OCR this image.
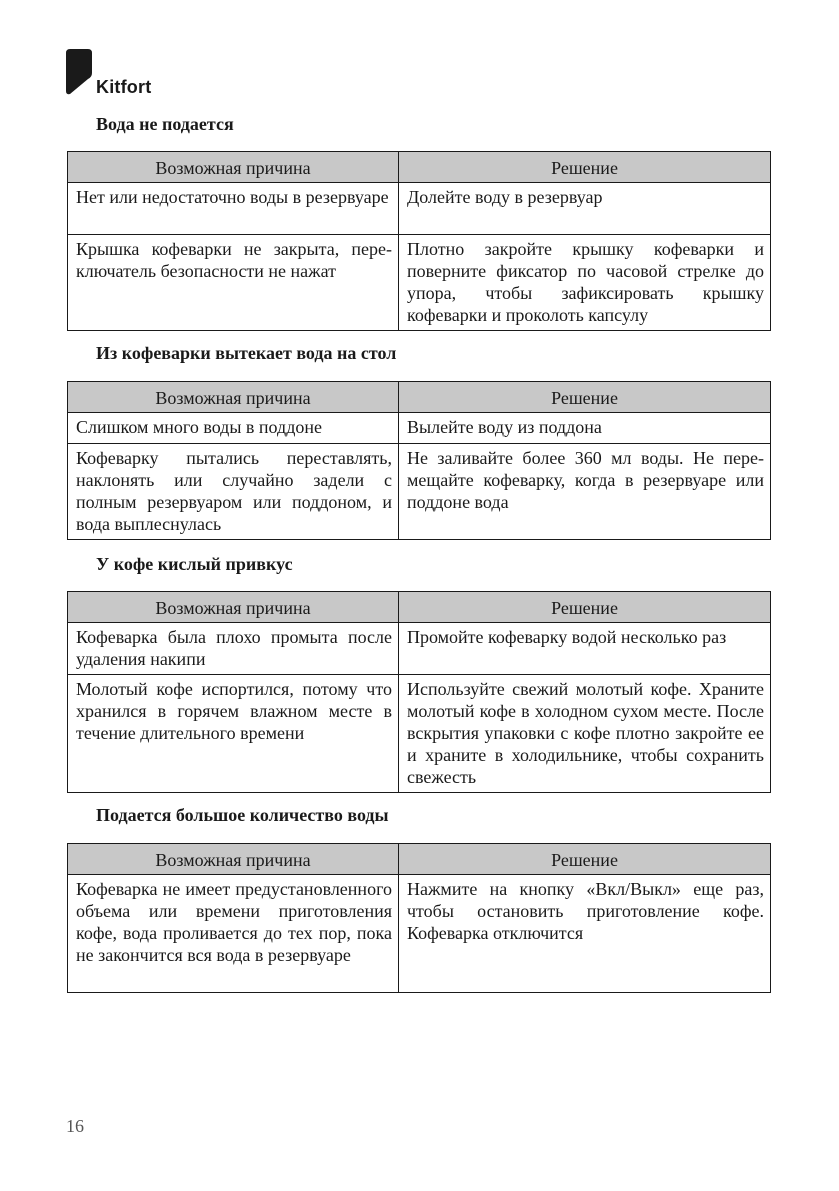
Kitfort
Вода не подается
Возможная причина	Решение
Нет или недостаточно воды в резервуаре	Долейте воду в резервуар
Крышка кофеварки не закрыта, переключатель безопасности не нажат	Плотно закройте крышку кофеварки и поверните фиксатор по часовой стрелке до упора, чтобы зафиксировать крышку кофеварки и проколоть капсулу
Из кофеварки вытекает вода на стол
Возможная причина	Решение
Слишком много воды в поддоне	Вылейте воду из поддона
Кофеварку пытались переставлять, наклонять или случайно задели с полным резервуаром или поддоном, и вода выплеснулась	Не заливайте более 360 мл воды. Не перемещайте кофеварку, когда в резервуаре или поддоне вода
У кофе кислый привкус
Возможная причина	Решение
Кофеварка была плохо промыта после удаления накипи	Промойте кофеварку водой несколько раз
Молотый кофе испортился, потому что хранился в горячем влажном месте в течение длительного времени	Используйте свежий молотый кофе. Храните молотый кофе в холодном сухом месте. После вскрытия упаковки с кофе плотно закройте ее и храните в холодильнике, чтобы сохранить свежесть
Подается большое количество воды
Возможная причина	Решение
Кофеварка не имеет предустановленного объема или времени приготовления кофе, вода проливается до тех пор, пока не закончится вся вода в резервуаре	Нажмите на кнопку «Вкл/Выкл» еще раз, чтобы остановить приготовление кофе. Кофеварка отключится
16
